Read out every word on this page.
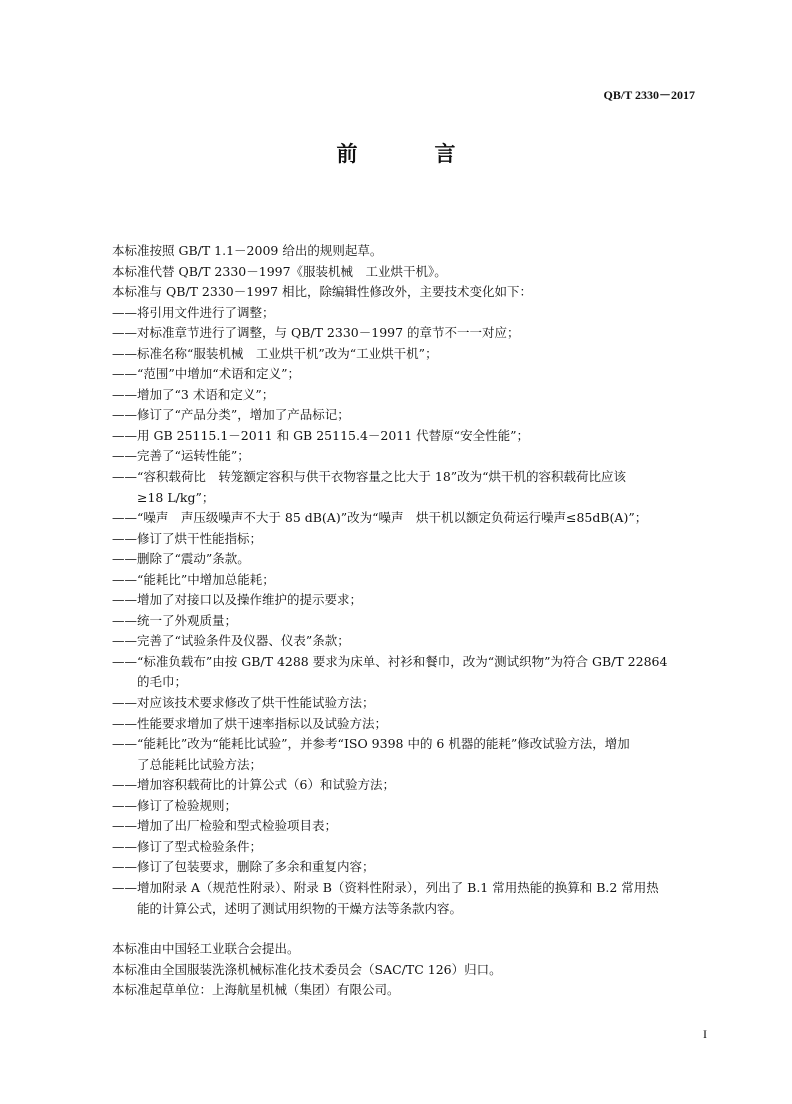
QB/T 2330－2017
前　言

本标准按照 GB/T 1.1－2009 给出的规则起草。

本标准代替 QB/T 2330－1997《服装机械　工业烘干机》。

本标准与 QB/T 2330－1997 相比，除编辑性修改外，主要技术变化如下：

——将引用文件进行了调整；

——对标准章节进行了调整，与 QB/T 2330－1997 的章节不一一对应；

——标准名称“服装机械　工业烘干机”改为“工业烘干机”；

——“范围”中增加“术语和定义”；

——增加了“3 术语和定义”；

——修订了“产品分类”，增加了产品标记；

——用 GB 25115.1－2011 和 GB 25115.4－2011 代替原“安全性能”；

——完善了“运转性能”；

——“容积载荷比　转笼额定容积与供干衣物容量之比大于 18”改为“烘干机的容积载荷比应该

　　≥18 L/kg”；

——“噪声　声压级噪声不大于 85 dB(A)”改为“噪声　烘干机以额定负荷运行噪声≤85dB(A)”；

——修订了烘干性能指标；

——删除了“震动”条款。

——“能耗比”中增加总能耗；

——增加了对接口以及操作维护的提示要求；

——统一了外观质量；

——完善了“试验条件及仪器、仪表”条款；

——“标准负载布”由按 GB/T 4288 要求为床单、衬衫和餐巾，改为“测试织物”为符合 GB/T 22864

　　的毛巾；

——对应该技术要求修改了烘干性能试验方法；

——性能要求增加了烘干速率指标以及试验方法；

——“能耗比”改为“能耗比试验”，并参考“ISO 9398 中的 6 机器的能耗”修改试验方法，增加

　　了总能耗比试验方法；

——增加容积载荷比的计算公式（6）和试验方法；

——修订了检验规则；

——增加了出厂检验和型式检验项目表；

——修订了型式检验条件；

——修订了包装要求，删除了多余和重复内容；

——增加附录 A（规范性附录）、附录 B（资料性附录），列出了 B.1 常用热能的换算和 B.2 常用热

　　能的计算公式，述明了测试用织物的干燥方法等条款内容。

本标准由中国轻工业联合会提出。

本标准由全国服装洗涤机械标准化技术委员会（SAC/TC 126）归口。

本标准起草单位：上海航星机械（集团）有限公司。

I
